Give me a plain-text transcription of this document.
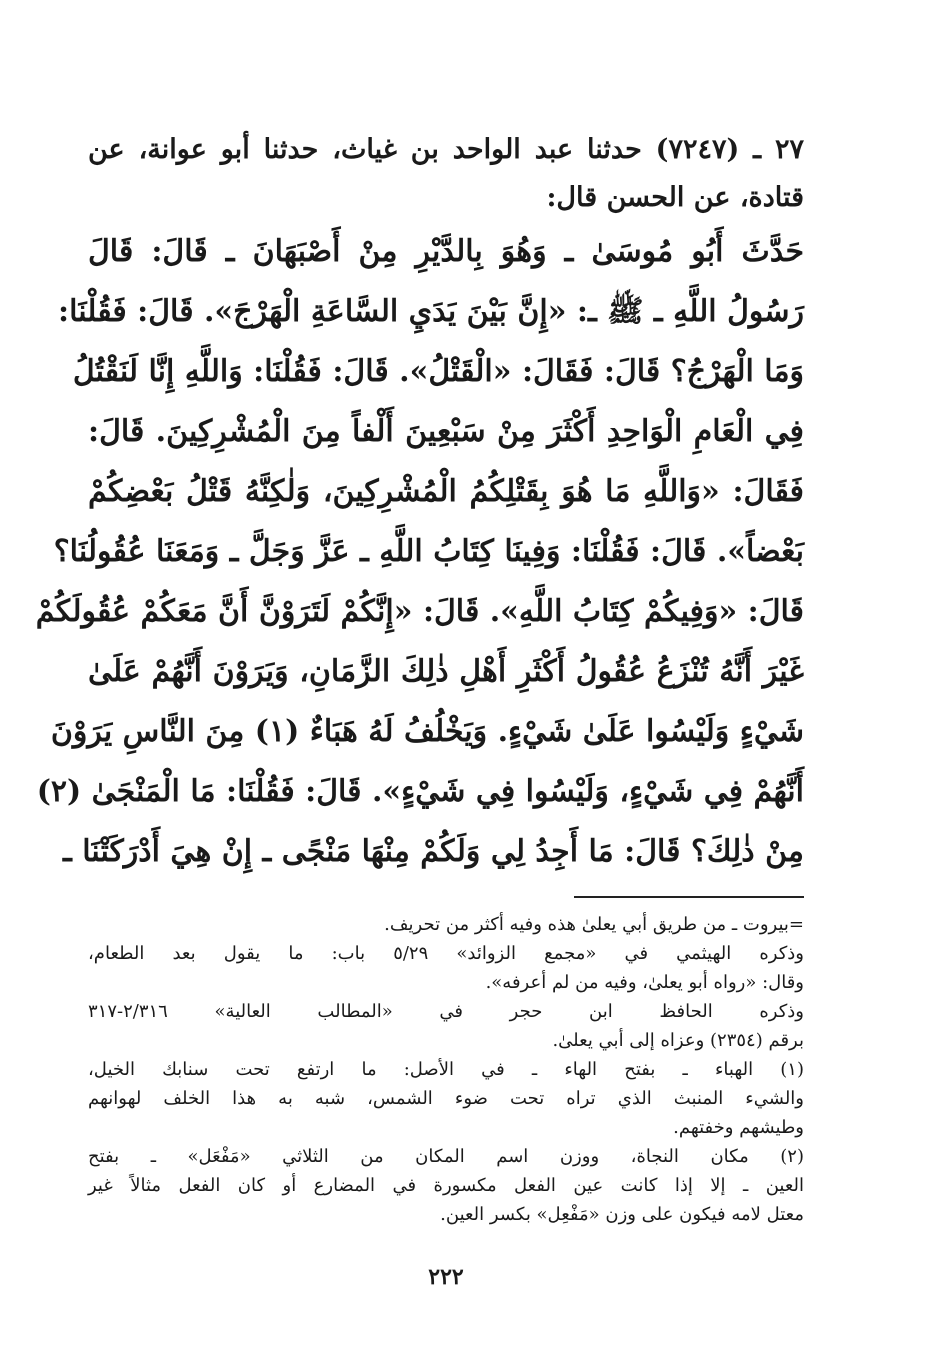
٢٧ ـ (٧٢٤٧) حدثنا عبد الواحد بن غياث، حدثنا أبو عوانة، عن قتادة، عن الحسن قال:

حَدَّثَ أَبُو مُوسَىٰ ـ وَهُوَ بِالدَّيْرِ مِنْ أَصْبَهَانَ ـ قَالَ: قَالَ
رَسُولُ اللَّهِ ـ ﷺ ـ: «إِنَّ بَيْنَ يَدَيِ السَّاعَةِ الْهَرْجَ». قَالَ: فَقُلْنَا:
وَمَا الْهَرْجُ؟ قَالَ: فَقَالَ: «الْقَتْلُ». قَالَ: فَقُلْنَا: وَاللَّهِ إِنَّا لَنَقْتُلُ
فِي الْعَامِ الْوَاحِدِ أَكْثَرَ مِنْ سَبْعِينَ أَلْفاً مِنَ الْمُشْرِكِينَ. قَالَ:
فَقَالَ: «وَاللَّهِ مَا هُوَ بِقَتْلِكُمُ الْمُشْرِكِينَ، وَلٰكِنَّهُ قَتْلُ بَعْضِكُمْ
بَعْضاً». قَالَ: فَقُلْنَا: وَفِينَا كِتَابُ اللَّهِ ـ عَزَّ وَجَلَّ ـ وَمَعَنَا عُقُولُنَا؟
قَالَ: «وَفِيكُمْ كِتَابُ اللَّهِ». قَالَ: «إِنَّكُمْ لَتَرَوْنَّ أَنَّ مَعَكُمْ عُقُولَكُمْ
غَيْرَ أَنَّهُ تُنْزَعُ عُقُولُ أَكْثَرِ أَهْلِ ذٰلِكَ الزَّمَانِ، وَيَرَوْنَ أَنَّهُمْ عَلَىٰ
شَيْءٍ وَلَيْسُوا عَلَىٰ شَيْءٍ. وَيَخْلُفُ لَهُ هَبَاءٌ (١) مِنَ النَّاسِ يَرَوْنَ
أَنَّهُمْ فِي شَيْءٍ، وَلَيْسُوا فِي شَيْءٍ». قَالَ: فَقُلْنَا: مَا الْمَنْجَىٰ (٢)
مِنْ ذٰلِكَ؟ قَالَ: مَا أَجِدُ لِي وَلَكُمْ مِنْهَا مَنْجًى ـ إِنْ هِيَ أَدْرَكَتْنَا ـ
=بيروت ـ من طريق أبي يعلىٰ هذه وفيه أكثر من تحريف.
وذكره الهيثمي في «مجمع الزوائد» ٥/٢٩ باب: ما يقول بعد الطعام،
وقال: «رواه أبو يعلىٰ، وفيه من لم أعرفه».
وذكره الحافظ ابن حجر في «المطالب العالية» ٢/٣١٦-٣١٧
برقم (٢٣٥٤) وعزاه إلى أبي يعلىٰ.
(١) الهباء ـ بفتح الهاء ـ في الأصل: ما ارتفع تحت سنابك الخيل،
والشيء المنبث الذي تراه تحت ضوء الشمس، شبه به هذا الخلف لهوانهم
وطيشهم وخفتهم.
(٢) مكان النجاة، ووزن اسم المكان من الثلاثي «مَفْعَل» ـ بفتح
العين ـ إلا إذا كانت عين الفعل مكسورة في المضارع أو كان الفعل مثالاً غير
معتل لامه فيكون على وزن «مَفْعِل» بكسر العين.
٢٢٢
